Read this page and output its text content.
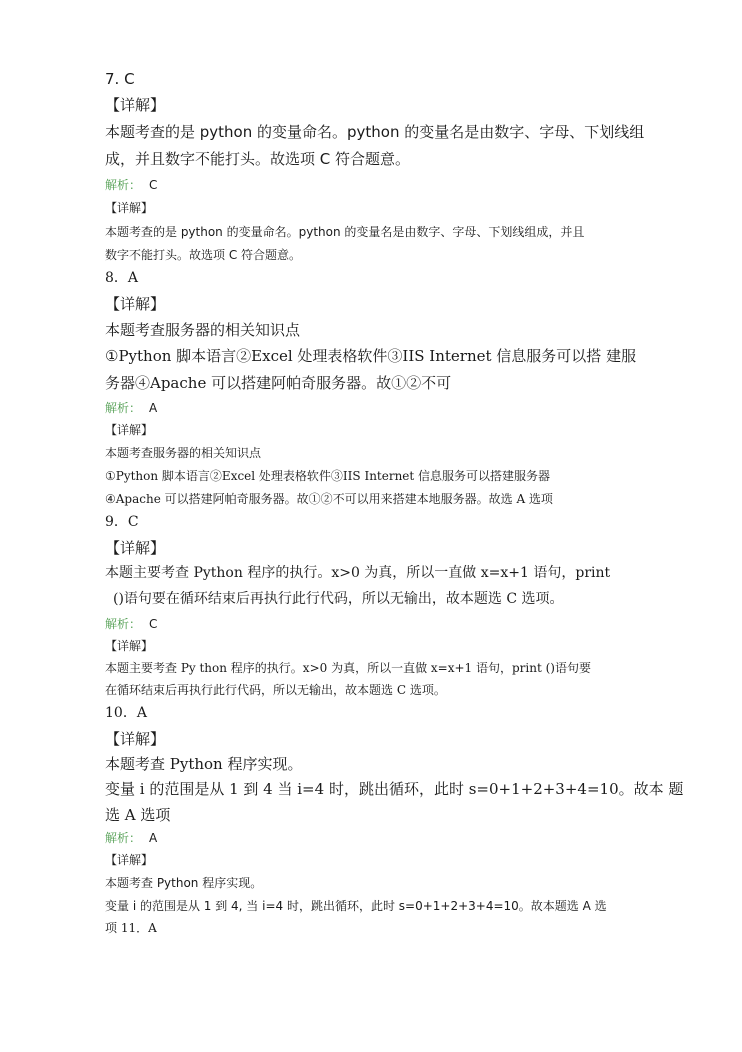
7. C

【详解】

本题考查的是 python 的变量命名。python 的变量名是由数字、字母、下划线组

成，并且数字不能打头。故选项 C 符合题意。

解析： C

【详解】

本题考查的是 python 的变量命名。python 的变量名是由数字、字母、下划线组成，并且

数字不能打头。故选项 C 符合题意。

8．A

【详解】

本题考查服务器的相关知识点

①Python 脚本语言②Excel 处理表格软件③IIS Internet 信息服务可以搭 建服

务器④Apache 可以搭建阿帕奇服务器。故①②不可

解析： A

【详解】

本题考查服务器的相关知识点

①Python 脚本语言②Excel 处理表格软件③IIS Internet 信息服务可以搭建服务器

④Apache 可以搭建阿帕奇服务器。故①②不可以用来搭建本地服务器。故选 A 选项

9．C

【详解】

本题主要考查 Python 程序的执行。x>0 为真，所以一直做 x=x+1 语句，print

()语句要在循环结束后再执行此行代码，所以无输出，故本题选 C 选项。

解析： C

【详解】

本题主要考查 Py thon 程序的执行。x>0 为真，所以一直做 x=x+1 语句，print ()语句要

在循环结束后再执行此行代码，所以无输出，故本题选 C 选项。

10．A

【详解】

本题考查 Python 程序实现。

变量 i 的范围是从 1 到 4 当 i=4 时，跳出循环，此时 s=0+1+2+3+4=10。故本 题

选 A 选项

解析： A

【详解】

本题考查 Python 程序实现。

变量 i 的范围是从 1 到 4, 当 i=4 时，跳出循环，此时 s=0+1+2+3+4=10。故本题选 A 选

项 11．A
